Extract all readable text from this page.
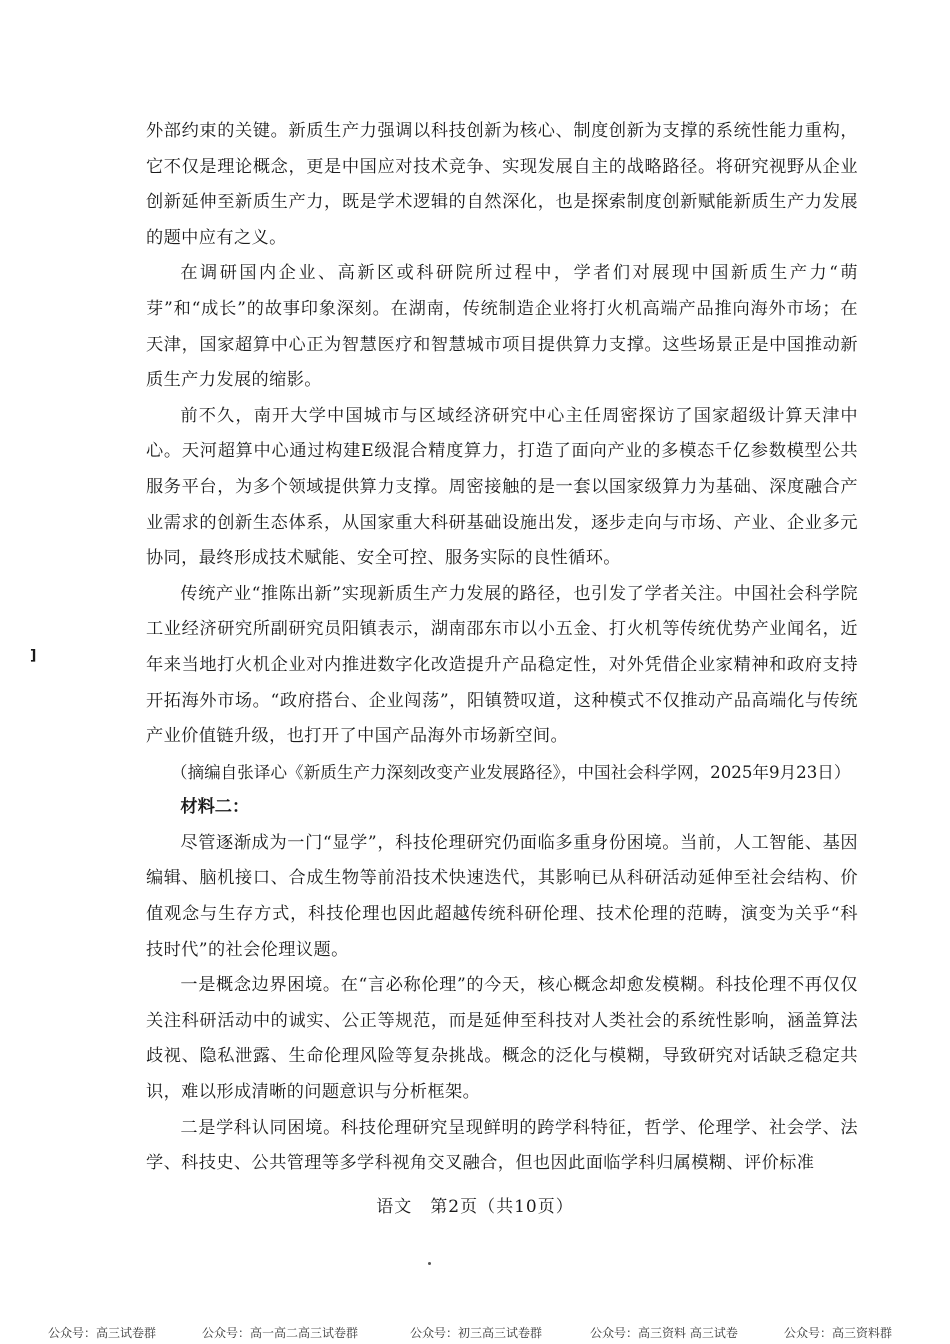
外部约束的关键。新质生产力强调以科技创新为核心、制度创新为支撑的系统性能力重构，它不仅是理论概念，更是中国应对技术竞争、实现发展自主的战略路径。将研究视野从企业创新延伸至新质生产力，既是学术逻辑的自然深化，也是探索制度创新赋能新质生产力发展的题中应有之义。

在调研国内企业、高新区或科研院所过程中，学者们对展现中国新质生产力“萌芽”和“成长”的故事印象深刻。在湖南，传统制造企业将打火机高端产品推向海外市场；在天津，国家超算中心正为智慧医疗和智慧城市项目提供算力支撑。这些场景正是中国推动新质生产力发展的缩影。

前不久，南开大学中国城市与区域经济研究中心主任周密探访了国家超级计算天津中心。天河超算中心通过构建E级混合精度算力，打造了面向产业的多模态千亿参数模型公共服务平台，为多个领域提供算力支撑。周密接触的是一套以国家级算力为基础、深度融合产业需求的创新生态体系，从国家重大科研基础设施出发，逐步走向与市场、产业、企业多元协同，最终形成技术赋能、安全可控、服务实际的良性循环。

传统产业“推陈出新”实现新质生产力发展的路径，也引发了学者关注。中国社会科学院工业经济研究所副研究员阳镇表示，湖南邵东市以小五金、打火机等传统优势产业闻名，近年来当地打火机企业对内推进数字化改造提升产品稳定性，对外凭借企业家精神和政府支持开拓海外市场。“政府搭台、企业闯荡”，阳镇赞叹道，这种模式不仅推动产品高端化与传统产业价值链升级，也打开了中国产品海外市场新空间。

（摘编自张译心《新质生产力深刻改变产业发展路径》，中国社会科学网，2025年9月23日）

材料二：

尽管逐渐成为一门“显学”，科技伦理研究仍面临多重身份困境。当前，人工智能、基因编辑、脑机接口、合成生物等前沿技术快速迭代，其影响已从科研活动延伸至社会结构、价值观念与生存方式，科技伦理也因此超越传统科研伦理、技术伦理的范畴，演变为关乎“科技时代”的社会伦理议题。

一是概念边界困境。在“言必称伦理”的今天，核心概念却愈发模糊。科技伦理不再仅仅关注科研活动中的诚实、公正等规范，而是延伸至科技对人类社会的系统性影响，涵盖算法歧视、隐私泄露、生命伦理风险等复杂挑战。概念的泛化与模糊，导致研究对话缺乏稳定共识，难以形成清晰的问题意识与分析框架。

二是学科认同困境。科技伦理研究呈现鲜明的跨学科特征，哲学、伦理学、社会学、法学、科技史、公共管理等多学科视角交叉融合，但也因此面临学科归属模糊、评价标准

]
语文　第2页（共10页）
公众号：高三试卷群	公众号：高一高二高三试卷群	公众号：初三高三试卷群	公众号：高三资料 高三试卷	公众号：高三资料群
